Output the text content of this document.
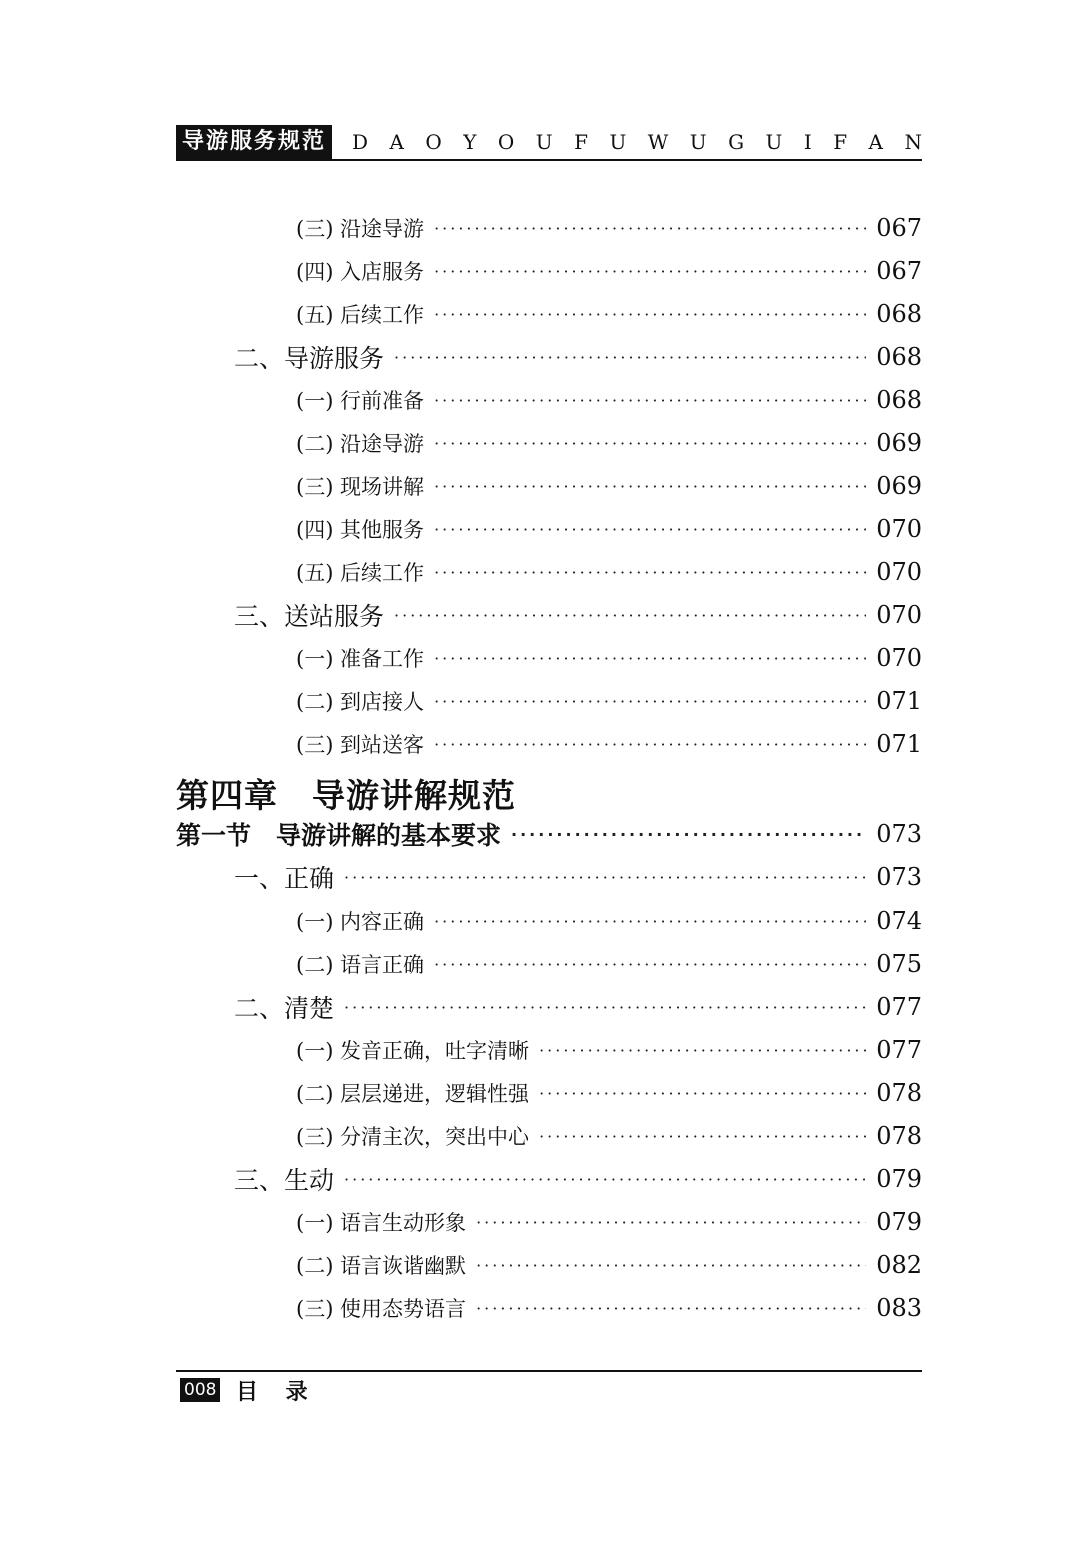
导游服务规范	D A O Y O U F U W U G U I F A N
(三) 沿途导游 ·····	067
(四) 入店服务 ·····	067
(五) 后续工作 ·····	068
二、导游服务 ·····	068
(一) 行前准备 ·····	068
(二) 沿途导游 ·····	069
(三) 现场讲解 ·····	069
(四) 其他服务 ·····	070
(五) 后续工作 ·····	070
三、送站服务 ·····	070
(一) 准备工作 ·····	070
(二) 到店接人 ·····	071
(三) 到站送客 ·····	071
第四章　导游讲解规范
第一节　导游讲解的基本要求 ·····	073
一、正确 ·····	073
(一) 内容正确 ·····	074
(二) 语言正确 ·····	075
二、清楚 ·····	077
(一) 发音正确，吐字清晰 ·····	077
(二) 层层递进，逻辑性强 ·····	078
(三) 分清主次，突出中心 ·····	078
三、生动 ·····	079
(一) 语言生动形象 ·····	079
(二) 语言诙谐幽默 ·····	082
(三) 使用态势语言 ·····	083
008 目 录
